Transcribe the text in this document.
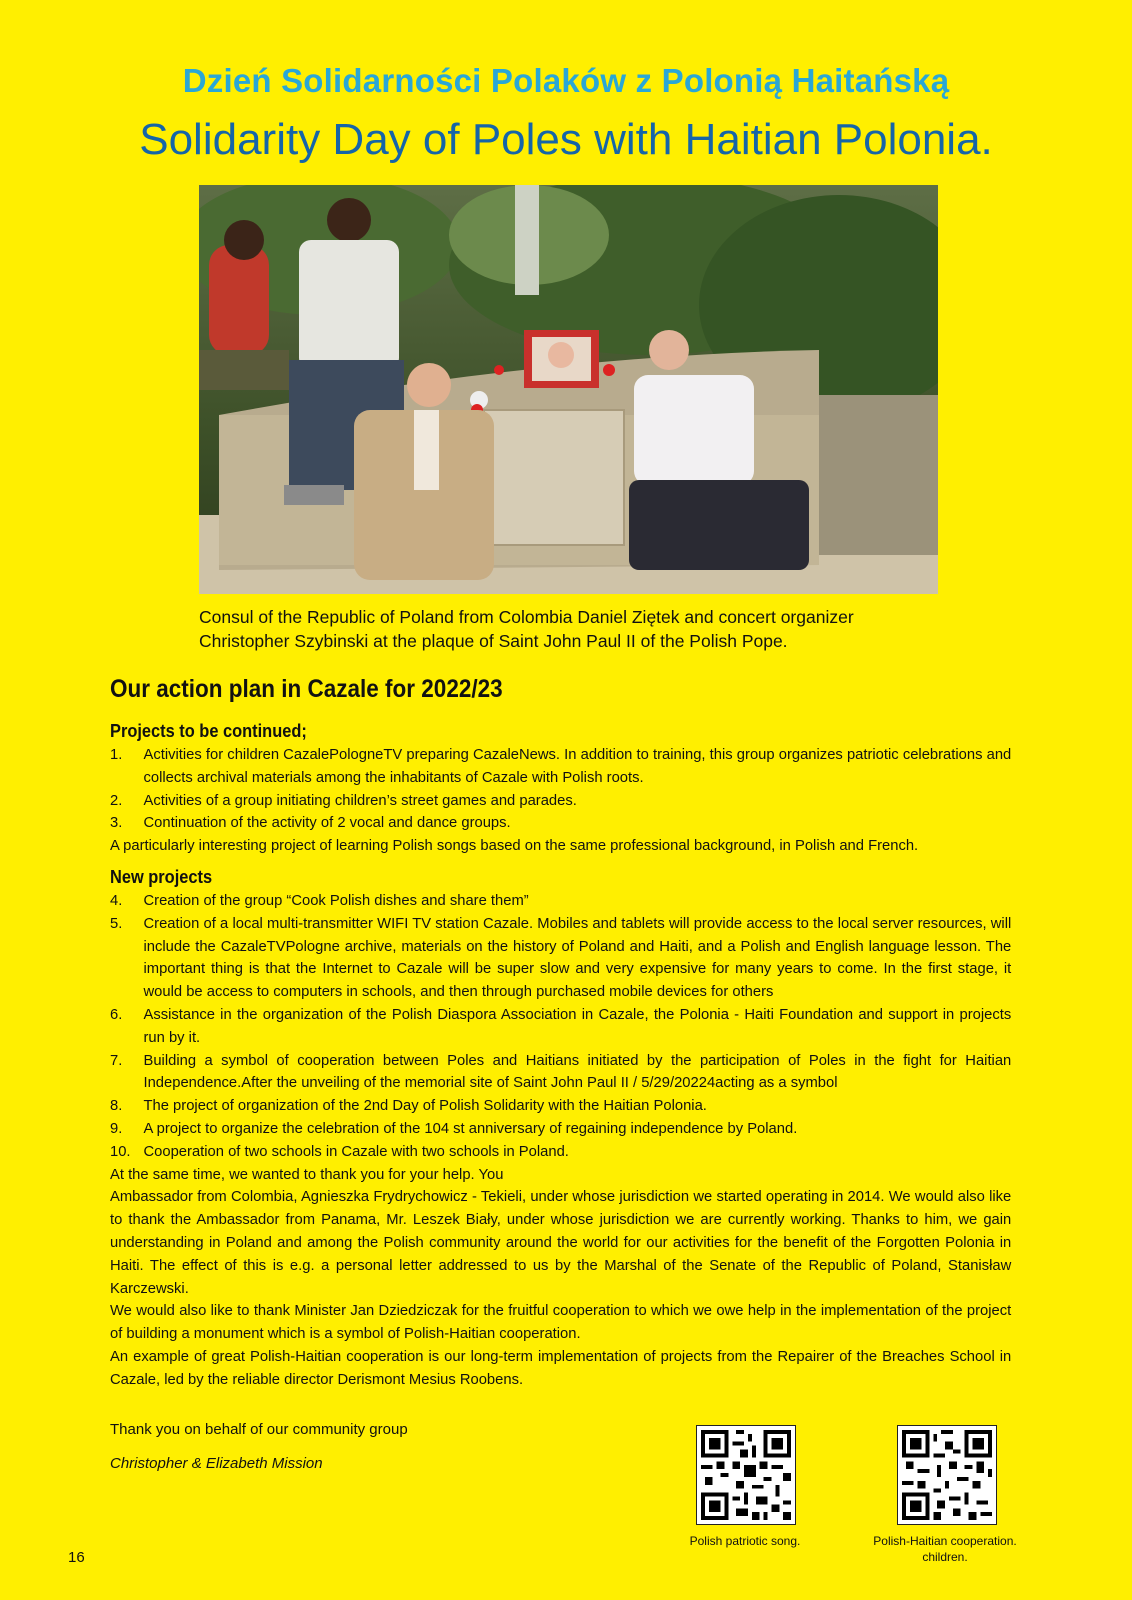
Dzień Solidarności Polaków z Polonią Haitańską
Solidarity Day of Poles with Haitian Polonia.
Consul of the Republic of Poland from Colombia Daniel Ziętek and concert organizer
Christopher Szybinski at the plaque of Saint John Paul II of the Polish Pope.
Our action plan in Cazale for 2022/23
Projects to be continued;
1.	Activities for children CazalePologneTV preparing CazaleNews. In addition to training, this group organizes patriotic celebrations and collects archival materials among the inhabitants of Cazale with Polish roots.
2.	Activities of a group initiating children’s street games and parades.
3.	Continuation of the activity of 2 vocal and dance groups.
A particularly interesting project of learning Polish songs based on the same professional background, in Polish and French.
New projects
4.	Creation of the group “Cook Polish dishes and share them”
5.	Creation of a local multi-transmitter WIFI TV station Cazale. Mobiles and tablets will provide access to the local server resources, will include the CazaleTVPologne archive, materials on the history of Poland and Haiti, and a Polish and English language lesson. The important thing is that the Internet to Cazale will be super slow and very expensive for many years to come. In the first stage, it would be access to computers in schools, and then through purchased mobile devices for others
6.	Assistance in the organization of the Polish Diaspora Association in Cazale, the Polonia - Haiti Foundation and support in projects run by it.
7.	Building a symbol of cooperation between Poles and Haitians initiated by the participation of Poles in the fight for Haitian Independence.After the unveiling of the memorial site of Saint John Paul II / 5/29/20224acting as a symbol
8.	The project of organization of the 2nd Day of Polish Solidarity with the Haitian Polonia.
9.	A project to organize the celebration of the 104 st anniversary of regaining independence by Poland.
10. Cooperation of two schools in Cazale with two schools in Poland.
At the same time, we wanted to thank you for your help. You
Ambassador from Colombia, Agnieszka Frydrychowicz - Tekieli, under whose jurisdiction we started operating in 2014. We would also like to thank the Ambassador from Panama, Mr. Leszek Biały, under whose jurisdiction we are currently working. Thanks to him, we gain understanding in Poland and among the Polish community around the world for our activities for the benefit of the Forgotten Polonia in Haiti. The effect of this is e.g. a personal letter addressed to us by the Marshal of the Senate of the Republic of Poland, Stanisław Karczewski.
We would also like to thank Minister Jan Dziedziczak for the fruitful cooperation to which we owe help in the implementation of the project of building a monument which is a symbol of Polish-Haitian cooperation.
An example of great Polish-Haitian cooperation is our long-term implementation of projects from the Repairer of the Breaches School in Cazale, led by the reliable director Derismont Mesius Roobens.
Thank you on behalf of our community group
Christopher & Elizabeth Mission
Polish patriotic song.	Polish-Haitian cooperation.
children.
16
